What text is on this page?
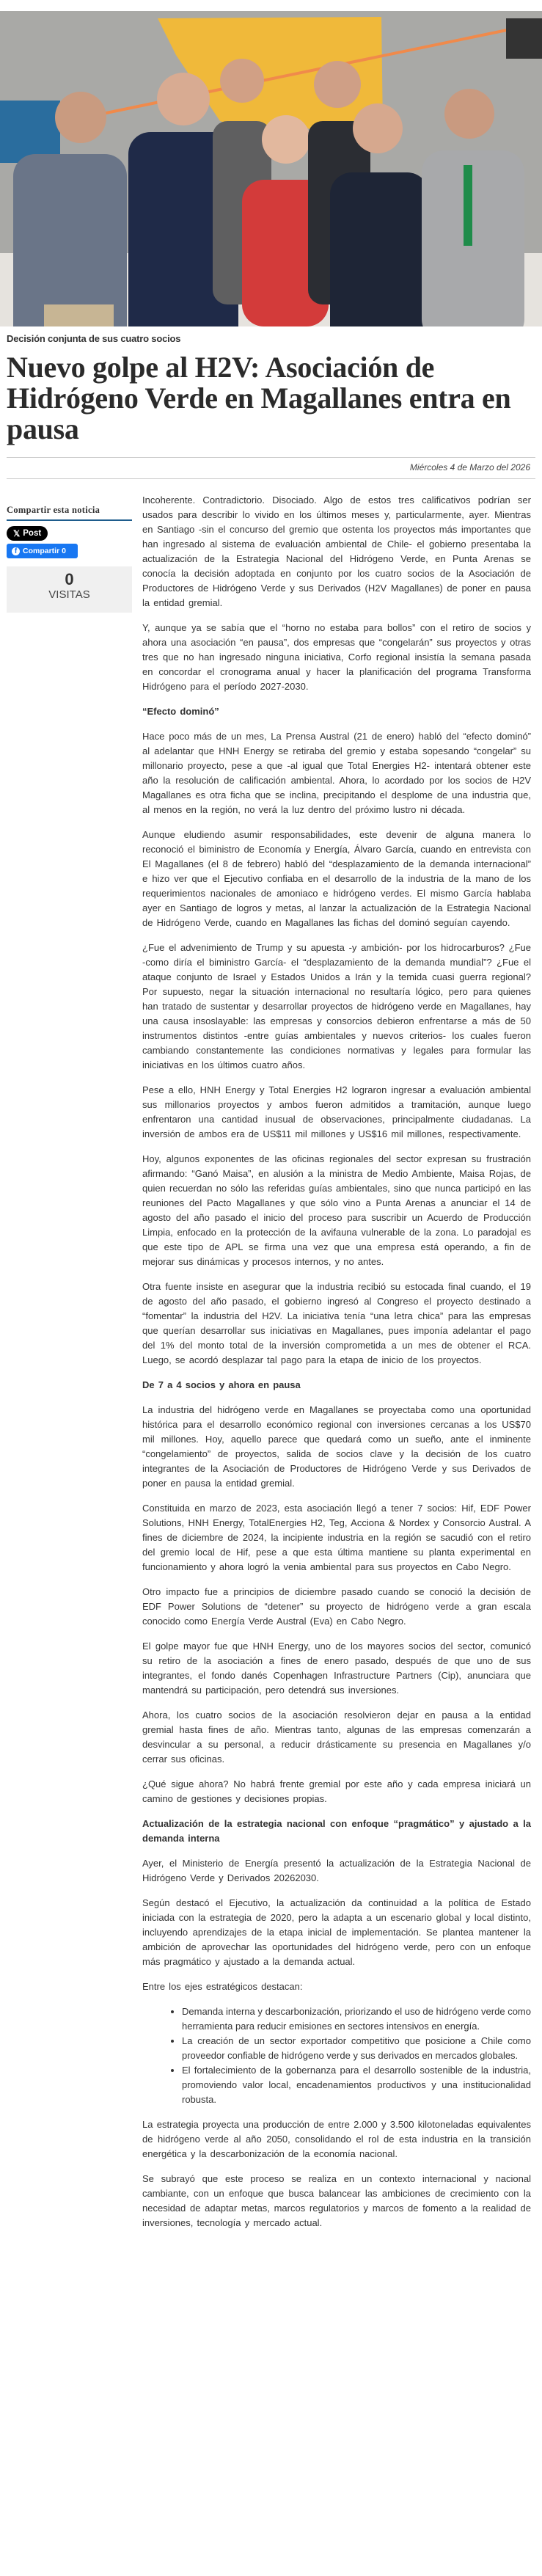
Decisión conjunta de sus cuatro socios
Nuevo golpe al H2V: Asociación de Hidrógeno Verde en Magallanes entra en pausa
Miércoles 4 de Marzo del 2026
Compartir esta noticia
𝕏 Post
f Compartir 0
0
VISITAS

Incoherente. Contradictorio. Disociado. Algo de estos tres calificativos podrían ser usados para describir lo vivido en los últimos meses y, particularmente, ayer. Mientras en Santiago -sin el concurso del gremio que ostenta los proyectos más importantes que han ingresado al sistema de evaluación ambiental de Chile- el gobierno presentaba la actualización de la Estrategia Nacional del Hidrógeno Verde, en Punta Arenas se conocía la decisión adoptada en conjunto por los cuatro socios de la Asociación de Productores de Hidrógeno Verde y sus Derivados (H2V Magallanes) de poner en pausa la entidad gremial.

Y, aunque ya se sabía que el “horno no estaba para bollos” con el retiro de socios y ahora una asociación “en pausa”, dos empresas que “congelarán” sus proyectos y otras tres que no han ingresado ninguna iniciativa, Corfo regional insistía la semana pasada en concordar el cronograma anual y hacer la planificación del programa Transforma Hidrógeno para el período 2027-2030.

“Efecto dominó”

Hace poco más de un mes, La Prensa Austral (21 de enero) habló del “efecto dominó” al adelantar que HNH Energy se retiraba del gremio y estaba sopesando “congelar” su millonario proyecto, pese a que -al igual que Total Energies H2- intentará obtener este año la resolución de calificación ambiental. Ahora, lo acordado por los socios de H2V Magallanes es otra ficha que se inclina, precipitando el desplome de una industria que, al menos en la región, no verá la luz dentro del próximo lustro ni década.

Aunque eludiendo asumir responsabilidades, este devenir de alguna manera lo reconoció el biministro de Economía y Energía, Álvaro García, cuando en entrevista con El Magallanes (el 8 de febrero) habló del “desplazamiento de la demanda internacional” e hizo ver que el Ejecutivo confiaba en el desarrollo de la industria de la mano de los requerimientos nacionales de amoniaco e hidrógeno verdes. El mismo García hablaba ayer en Santiago de logros y metas, al lanzar la actualización de la Estrategia Nacional de Hidrógeno Verde, cuando en Magallanes las fichas del dominó seguían cayendo.

¿Fue el advenimiento de Trump y su apuesta -y ambición- por los hidrocarburos? ¿Fue -como diría el biministro García- el “desplazamiento de la demanda mundial”? ¿Fue el ataque conjunto de Israel y Estados Unidos a Irán y la temida cuasi guerra regional? Por supuesto, negar la situación internacional no resultaría lógico, pero para quienes han tratado de sustentar y desarrollar proyectos de hidrógeno verde en Magallanes, hay una causa insoslayable: las empresas y consorcios debieron enfrentarse a más de 50 instrumentos distintos -entre guías ambientales y nuevos criterios- los cuales fueron cambiando constantemente las condiciones normativas y legales para formular las iniciativas en los últimos cuatro años.

Pese a ello, HNH Energy y Total Energies H2 lograron ingresar a evaluación ambiental sus millonarios proyectos y ambos fueron admitidos a tramitación, aunque luego enfrentaron una cantidad inusual de observaciones, principalmente ciudadanas. La inversión de ambos era de US$11 mil millones y US$16 mil millones, respectivamente.

Hoy, algunos exponentes de las oficinas regionales del sector expresan su frustración afirmando: “Ganó Maisa”, en alusión a la ministra de Medio Ambiente, Maisa Rojas, de quien recuerdan no sólo las referidas guías ambientales, sino que nunca participó en las reuniones del Pacto Magallanes y que sólo vino a Punta Arenas a anunciar el 14 de agosto del año pasado el inicio del proceso para suscribir un Acuerdo de Producción Limpia, enfocado en la protección de la avifauna vulnerable de la zona. Lo paradojal es que este tipo de APL se firma una vez que una empresa está operando, a fin de mejorar sus dinámicas y procesos internos, y no antes.

Otra fuente insiste en asegurar que la industria recibió su estocada final cuando, el 19 de agosto del año pasado, el gobierno ingresó al Congreso el proyecto destinado a “fomentar” la industria del H2V. La iniciativa tenía “una letra chica” para las empresas que querían desarrollar sus iniciativas en Magallanes, pues imponía adelantar el pago del 1% del monto total de la inversión comprometida a un mes de obtener el RCA. Luego, se acordó desplazar tal pago para la etapa de inicio de los proyectos.

De 7 a 4 socios y ahora en pausa

La industria del hidrógeno verde en Magallanes se proyectaba como una oportunidad histórica para el desarrollo económico regional con inversiones cercanas a los US$70 mil millones. Hoy, aquello parece que quedará como un sueño, ante el inminente “congelamiento” de proyectos, salida de socios clave y la decisión de los cuatro integrantes de la Asociación de Productores de Hidrógeno Verde y sus Derivados de poner en pausa la entidad gremial.

Constituida en marzo de 2023, esta asociación llegó a tener 7 socios: Hif, EDF Power Solutions, HNH Energy, TotalEnergies H2, Teg, Acciona & Nordex y Consorcio Austral. A fines de diciembre de 2024, la incipiente industria en la región se sacudió con el retiro del gremio local de Hif, pese a que esta última mantiene su planta experimental en funcionamiento y ahora logró la venia ambiental para sus proyectos en Cabo Negro.

Otro impacto fue a principios de diciembre pasado cuando se conoció la decisión de EDF Power Solutions de “detener” su proyecto de hidrógeno verde a gran escala conocido como Energía Verde Austral (Eva) en Cabo Negro.

El golpe mayor fue que HNH Energy, uno de los mayores socios del sector, comunicó su retiro de la asociación a fines de enero pasado, después de que uno de sus integrantes, el fondo danés Copenhagen Infrastructure Partners (Cip), anunciara que mantendrá su participación, pero detendrá sus inversiones.

Ahora, los cuatro socios de la asociación resolvieron dejar en pausa a la entidad gremial hasta fines de año. Mientras tanto, algunas de las empresas comenzarán a desvincular a su personal, a reducir drásticamente su presencia en Magallanes y/o cerrar sus oficinas.

¿Qué sigue ahora? No habrá frente gremial por este año y cada empresa iniciará un camino de gestiones y decisiones propias.

Actualización de la estrategia nacional con enfoque “pragmático” y ajustado a la demanda interna

Ayer, el Ministerio de Energía presentó la actualización de la Estrategia Nacional de Hidrógeno Verde y Derivados 20262030.

Según destacó el Ejecutivo, la actualización da continuidad a la política de Estado iniciada con la estrategia de 2020, pero la adapta a un escenario global y local distinto, incluyendo aprendizajes de la etapa inicial de implementación. Se plantea mantener la ambición de aprovechar las oportunidades del hidrógeno verde, pero con un enfoque más pragmático y ajustado a la demanda actual.

Entre los ejes estratégicos destacan:

• Demanda interna y descarbonización, priorizando el uso de hidrógeno verde como herramienta para reducir emisiones en sectores intensivos en energía.
• La creación de un sector exportador competitivo que posicione a Chile como proveedor confiable de hidrógeno verde y sus derivados en mercados globales.
• El fortalecimiento de la gobernanza para el desarrollo sostenible de la industria, promoviendo valor local, encadenamientos productivos y una institucionalidad robusta.

La estrategia proyecta una producción de entre 2.000 y 3.500 kilotoneladas equivalentes de hidrógeno verde al año 2050, consolidando el rol de esta industria en la transición energética y la descarbonización de la economía nacional.

Se subrayó que este proceso se realiza en un contexto internacional y nacional cambiante, con un enfoque que busca balancear las ambiciones de crecimiento con la necesidad de adaptar metas, marcos regulatorios y marcos de fomento a la realidad de inversiones, tecnología y mercado actual.
